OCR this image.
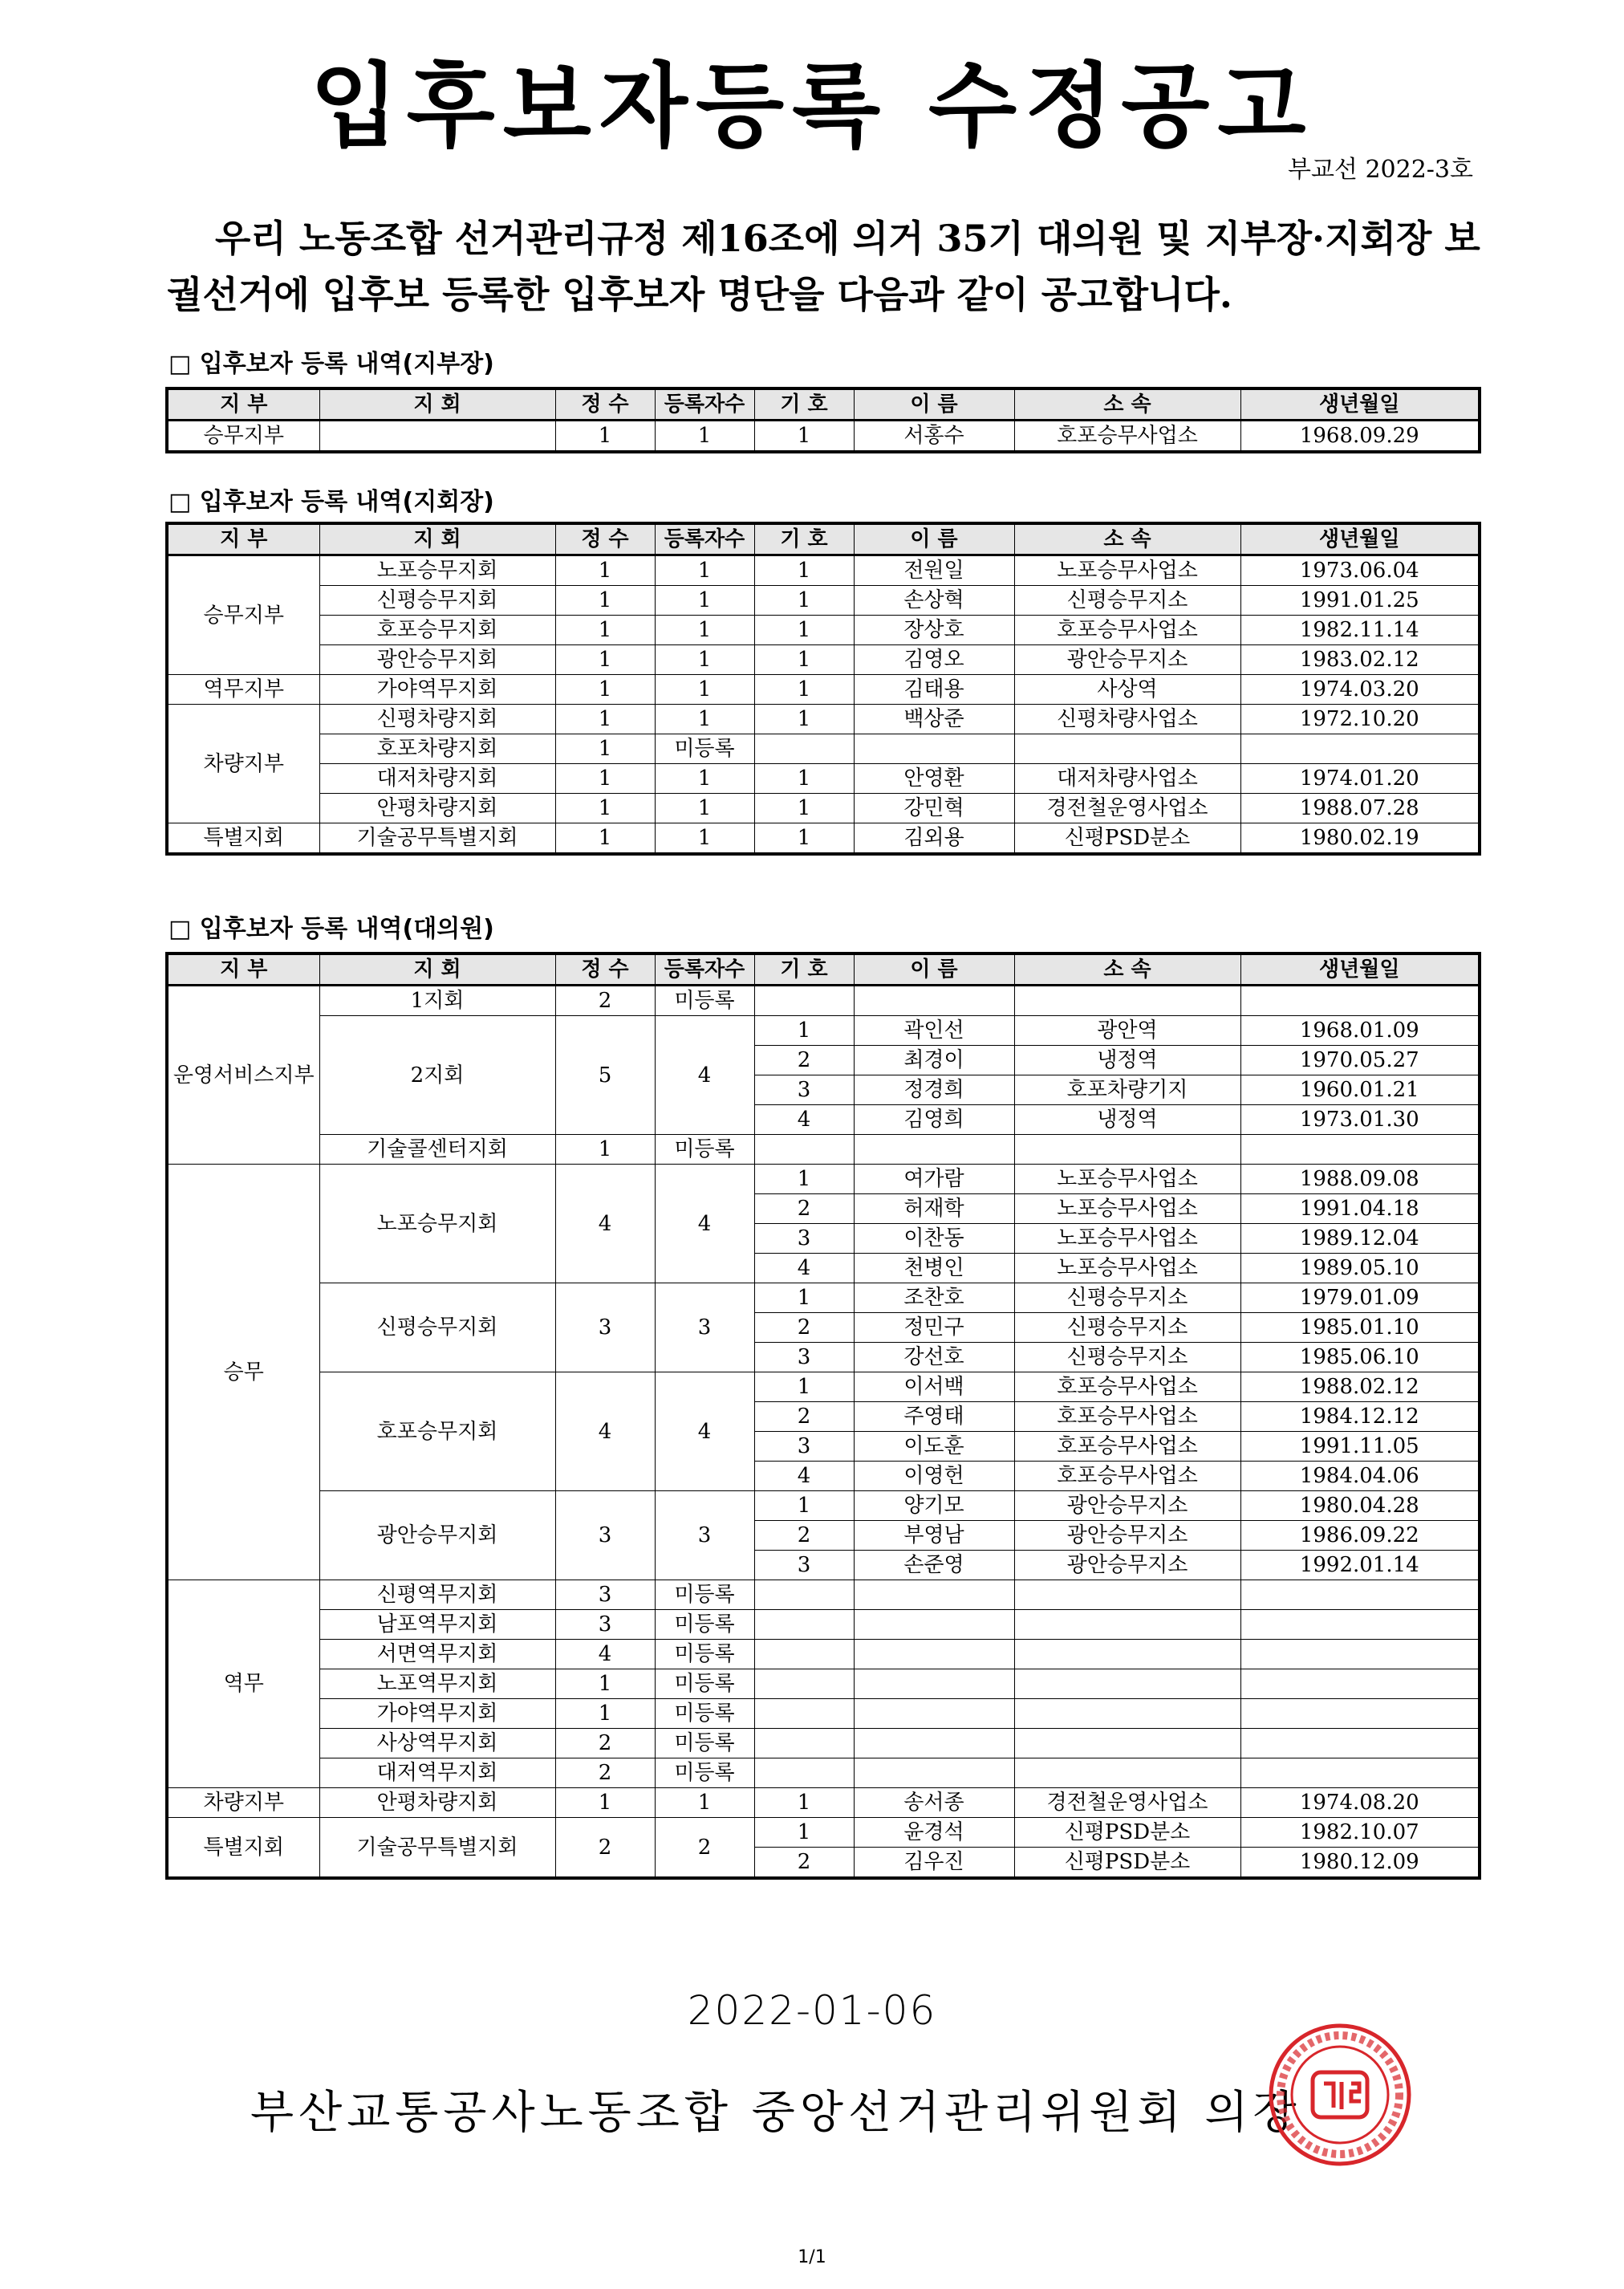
입후보자등록 수정공고
부교선 2022-3호
우리 노동조합 선거관리규정 제16조에 의거 35기 대의원 및 지부장·지회장 보궐선거에 입후보 등록한 입후보자 명단을 다음과 같이 공고합니다.
□ 입후보자 등록 내역(지부장)
지 부	지 회	정 수	등록자수	기 호	이 름	소 속	생년월일
승무지부		1	1	1	서홍수	호포승무사업소	1968.09.29
□ 입후보자 등록 내역(지회장)
지 부	지 회	정 수	등록자수	기 호	이 름	소 속	생년월일
승무지부	노포승무지회	1	1	1	전원일	노포승무사업소	1973.06.04
	신평승무지회	1	1	1	손상혁	신평승무지소	1991.01.25
	호포승무지회	1	1	1	장상호	호포승무사업소	1982.11.14
	광안승무지회	1	1	1	김영오	광안승무지소	1983.02.12
역무지부	가야역무지회	1	1	1	김태용	사상역	1974.03.20
차량지부	신평차량지회	1	1	1	백상준	신평차량사업소	1972.10.20
	호포차량지회	1	미등록				
	대저차량지회	1	1	1	안영환	대저차량사업소	1974.01.20
	안평차량지회	1	1	1	강민혁	경전철운영사업소	1988.07.28
특별지회	기술공무특별지회	1	1	1	김외용	신평PSD분소	1980.02.19
□ 입후보자 등록 내역(대의원)
지 부	지 회	정 수	등록자수	기 호	이 름	소 속	생년월일
운영서비스지부	1지회	2	미등록				
	2지회	5	4	1	곽인선	광안역	1968.01.09
				2	최경이	냉정역	1970.05.27
				3	정경희	호포차량기지	1960.01.21
				4	김영희	냉정역	1973.01.30
	기술콜센터지회	1	미등록				
승무	노포승무지회	4	4	1	여가람	노포승무사업소	1988.09.08
				2	허재학	노포승무사업소	1991.04.18
				3	이찬동	노포승무사업소	1989.12.04
				4	천병인	노포승무사업소	1989.05.10
	신평승무지회	3	3	1	조찬호	신평승무지소	1979.01.09
				2	정민구	신평승무지소	1985.01.10
				3	강선호	신평승무지소	1985.06.10
	호포승무지회	4	4	1	이서백	호포승무사업소	1988.02.12
				2	주영태	호포승무사업소	1984.12.12
				3	이도훈	호포승무사업소	1991.11.05
				4	이영헌	호포승무사업소	1984.04.06
	광안승무지회	3	3	1	양기모	광안승무지소	1980.04.28
				2	부영남	광안승무지소	1986.09.22
				3	손준영	광안승무지소	1992.01.14
역무	신평역무지회	3	미등록				
	남포역무지회	3	미등록				
	서면역무지회	4	미등록				
	노포역무지회	1	미등록				
	가야역무지회	1	미등록				
	사상역무지회	2	미등록				
	대저역무지회	2	미등록				
차량지부	안평차량지회	1	1	1	송서종	경전철운영사업소	1974.08.20
특별지회	기술공무특별지회	2	2	1	윤경석	신평PSD분소	1982.10.07
				2	김우진	신평PSD분소	1980.12.09
2022-01-06
부산교통공사노동조합 중앙선거관리위원회 의장
1/1
